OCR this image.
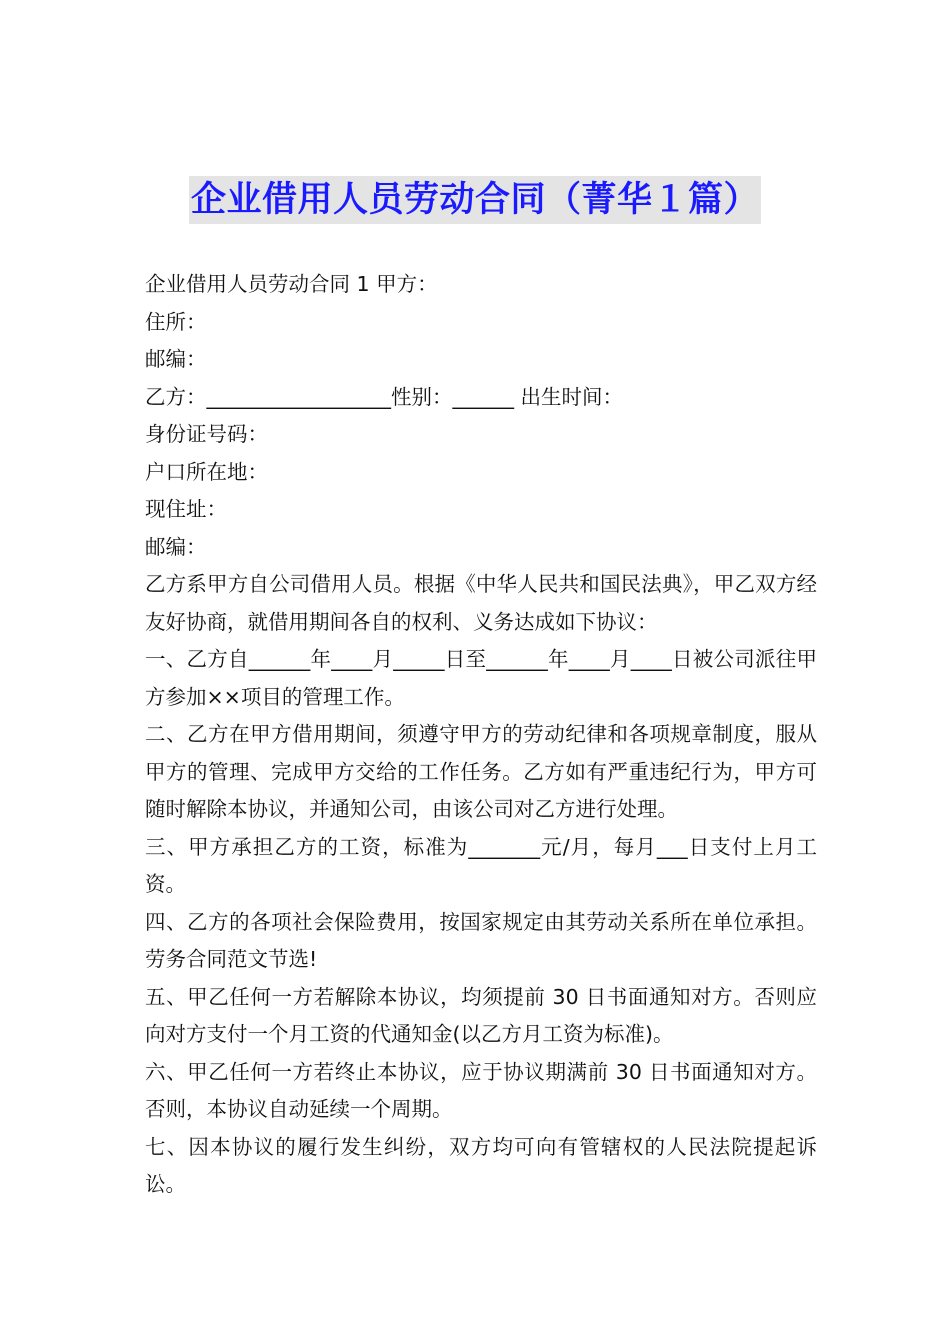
企业借用人员劳动合同（菁华１篇）

企业借用人员劳动合同 1 甲方：

住所：

邮编：

乙方：__________________性别：______ 出生时间：

身份证号码：

户口所在地：

现住址：

邮编：

乙方系甲方自公司借用人员。根据《中华人民共和国民法典》，甲乙双方经友好协商，就借用期间各自的权利、义务达成如下协议：

一、乙方自______年____月_____日至______年____月____日被公司派往甲方参加××项目的管理工作。

二、乙方在甲方借用期间，须遵守甲方的劳动纪律和各项规章制度，服从甲方的管理、完成甲方交给的工作任务。乙方如有严重违纪行为，甲方可随时解除本协议，并通知公司，由该公司对乙方进行处理。

三、甲方承担乙方的工资，标准为_______元/月，每月___日支付上月工资。

四、乙方的各项社会保险费用，按国家规定由其劳动关系所在单位承担。劳务合同范文节选!

五、甲乙任何一方若解除本协议，均须提前 30 日书面通知对方。否则应向对方支付一个月工资的代通知金(以乙方月工资为标准)。

六、甲乙任何一方若终止本协议，应于协议期满前 30 日书面通知对方。否则，本协议自动延续一个周期。

七、因本协议的履行发生纠纷，双方均可向有管辖权的人民法院提起诉讼。
